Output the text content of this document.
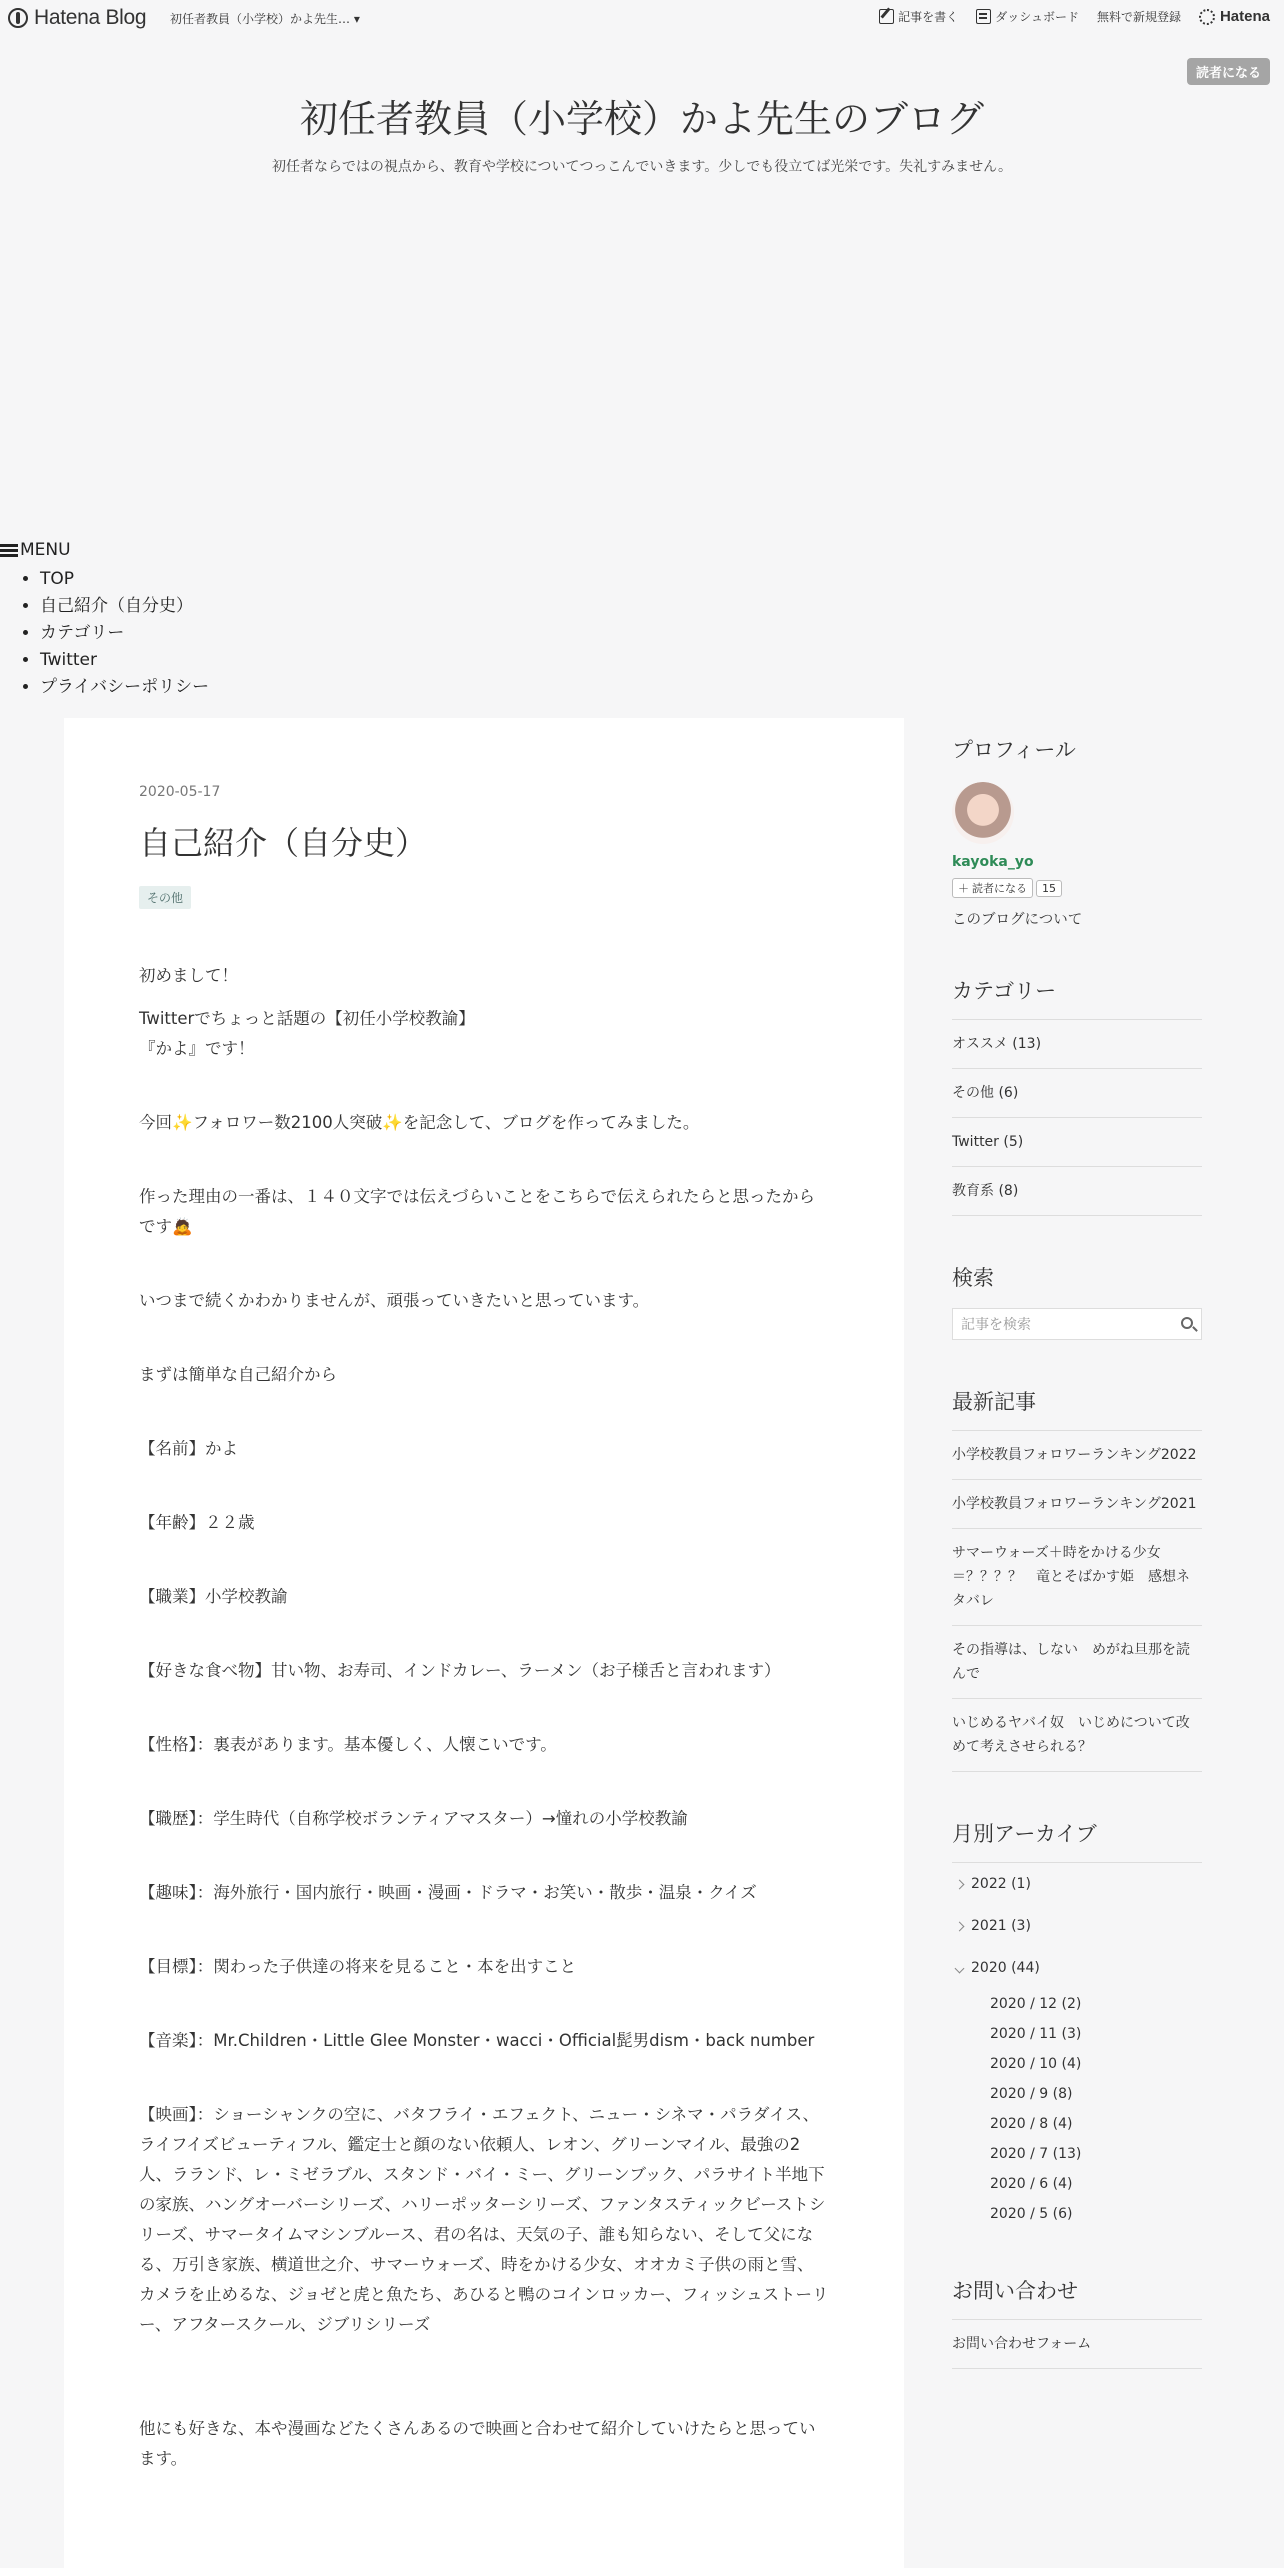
Hatena Blog 初任者教員（小学校）かよ先生… ▾	記事を書く	ダッシュボード 無料で新規登録	Hatena
読者になる
初任者教員（小学校）かよ先生のブログ

初任者ならではの視点から、教育や学校についてつっこんでいきます。少しでも役立てば光栄です。失礼すみません。

MENU
• TOP
• 自己紹介（自分史）
• カテゴリー
• Twitter
• プライバシーポリシー
2020-05-17
自己紹介（自分史）
その他

初めまして！

Twitterでちょっと話題の【初任小学校教諭】

『かよ』です！

今回✨フォロワー数2100人突破✨を記念して、ブログを作ってみました。

作った理由の一番は、１４０文字では伝えづらいことをこちらで伝えられたらと思ったからです🙇

いつまで続くかわかりませんが、頑張っていきたいと思っています。

まずは簡単な自己紹介から

【名前】かよ

【年齢】２２歳

【職業】小学校教諭

【好きな食べ物】甘い物、お寿司、インドカレー、ラーメン（お子様舌と言われます）

【性格】：裏表があります。基本優しく、人懐こいです。

【職歴】：学生時代（自称学校ボランティアマスター）→憧れの小学校教諭

【趣味】：海外旅行・国内旅行・映画・漫画・ドラマ・お笑い・散歩・温泉・クイズ

【目標】：関わった子供達の将来を見ること・本を出すこと

【音楽】：Mr.Children・Little Glee Monster・wacci・Official髭男dism・back number

【映画】：ショーシャンクの空に、バタフライ・エフェクト、ニュー・シネマ・パラダイス、ライフイズビューティフル、鑑定士と顔のない依頼人、レオン、グリーンマイル、最強の2人、ラランド、レ・ミゼラブル、スタンド・バイ・ミー、グリーンブック、パラサイト半地下の家族、ハングオーバーシリーズ、ハリーポッターシリーズ、ファンタスティックビーストシリーズ、サマータイムマシンブルース、君の名は、天気の子、誰も知らない、そして父になる、万引き家族、横道世之介、サマーウォーズ、時をかける少女、オオカミ子供の雨と雪、カメラを止めるな、ジョゼと虎と魚たち、あひると鴨のコインロッカー、フィッシュストーリー、アフタースクール、ジブリシリーズ

他にも好きな、本や漫画などたくさんあるので映画と合わせて紹介していけたらと思っています。

プロフィール
kayoka_yo
＋ 読者になる	15
このブログについて
カテゴリー
オススメ (13)
その他 (6)
Twitter (5)
教育系 (8)
検索
記事を検索
最新記事
小学校教員フォロワーランキング2022
小学校教員フォロワーランキング2021
サマーウォーズ＋時をかける少女＝？？？？　竜とそばかす姫　感想ネタバレ
その指導は、しない　めがね旦那を読んで
いじめるヤバイ奴　いじめについて改めて考えさせられる？
月別アーカイブ
2022 (1)
2021 (3)
2020 (44)
2020 / 12 (2)
2020 / 11 (3)
2020 / 10 (4)
2020 / 9 (8)
2020 / 8 (4)
2020 / 7 (13)
2020 / 6 (4)
2020 / 5 (6)
お問い合わせ
お問い合わせフォーム
